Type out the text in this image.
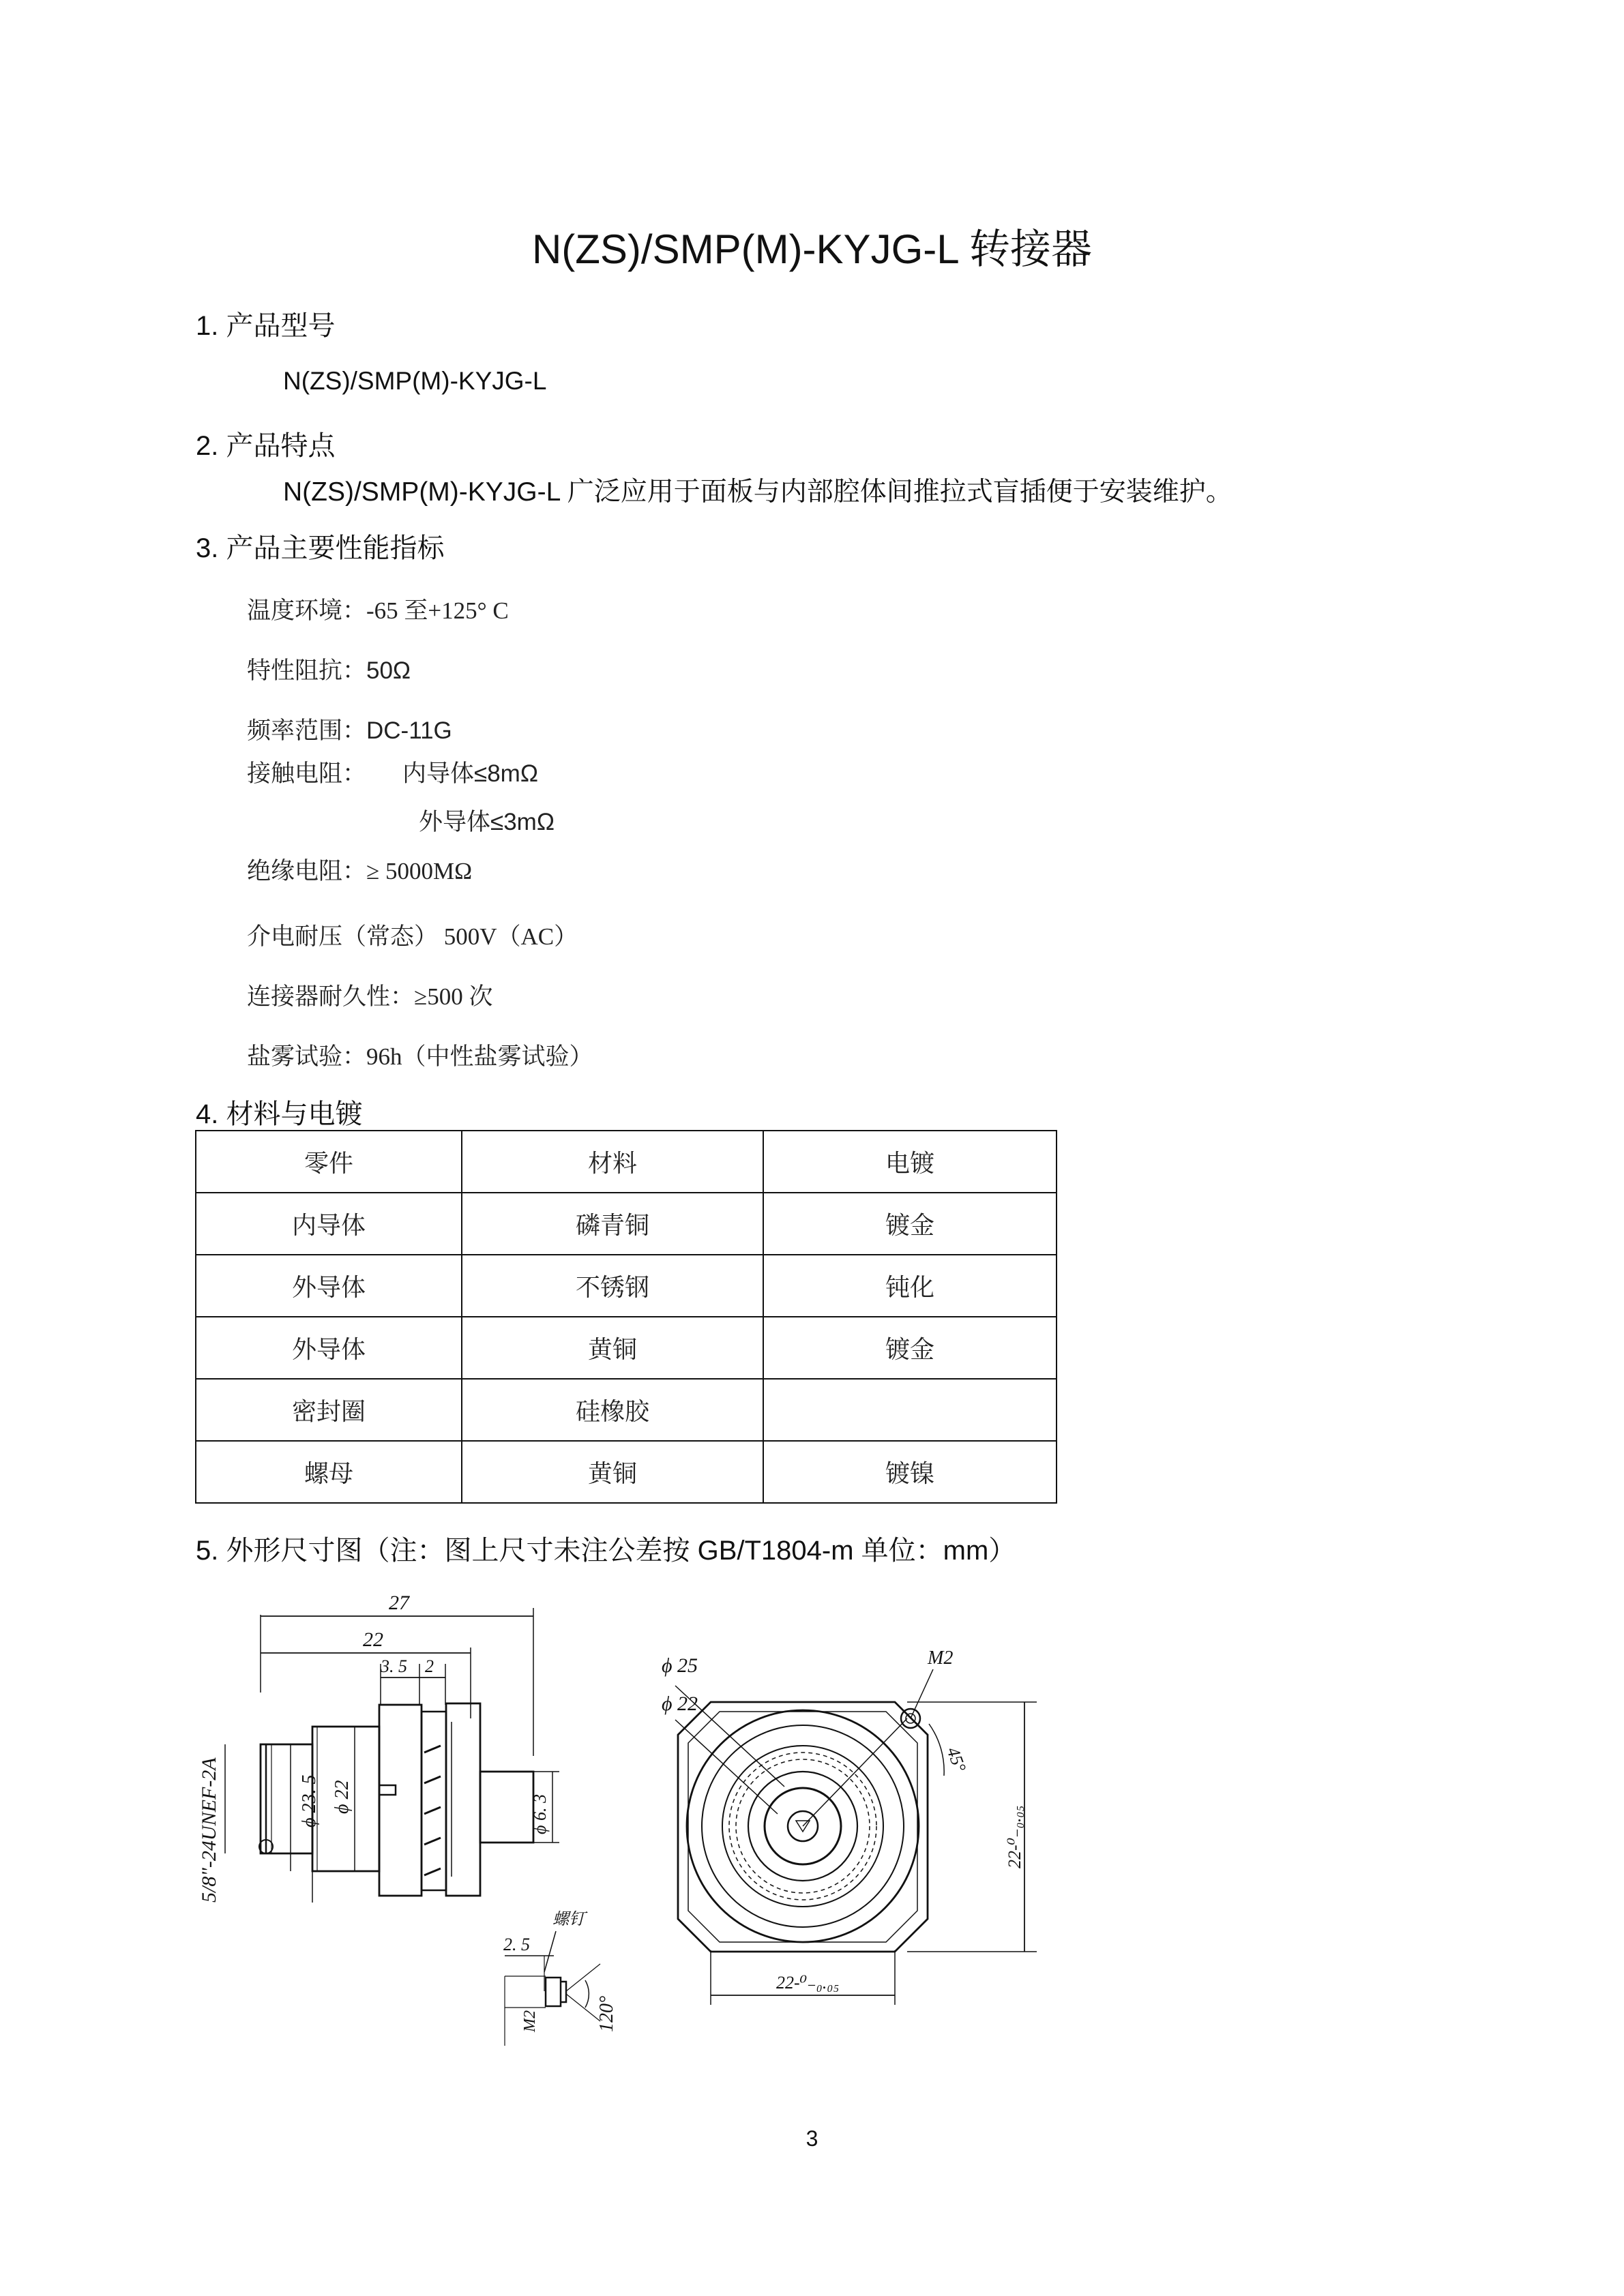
N(ZS)/SMP(M)-KYJG-L 转接器
1. 产品型号
N(ZS)/SMP(M)-KYJG-L
2. 产品特点
N(ZS)/SMP(M)-KYJG-L 广泛应用于面板与内部腔体间推拉式盲插便于安装维护。
3. 产品主要性能指标
温度环境：-65 至+125° C
特性阻抗：50Ω
频率范围：DC-11G
接触电阻： 内导体≤8mΩ
外导体≤3mΩ
绝缘电阻：≥ 5000MΩ
介电耐压（常态） 500V（AC）
连接器耐久性：≥500 次
盐雾试验：96h（中性盐雾试验）
4. 材料与电镀
零件	材料	电镀
内导体	磷青铜	镀金
外导体	不锈钢	钝化
外导体	黄铜	镀金
密封圈	硅橡胶	
螺母	黄铜	镀镍
5. 外形尺寸图（注：图上尺寸未注公差按 GB/T1804-m 单位：mm）
27
22
3. 5 2
ϕ 23. 5 ϕ 22
5/8"-24UNEF-2A	ϕ 6. 3
螺钉
2. 5
M2	120°
ϕ 25
ϕ 22
M2
45°
22-⁰₋₀.₀₅
22-⁰₋₀.₀₅
3
